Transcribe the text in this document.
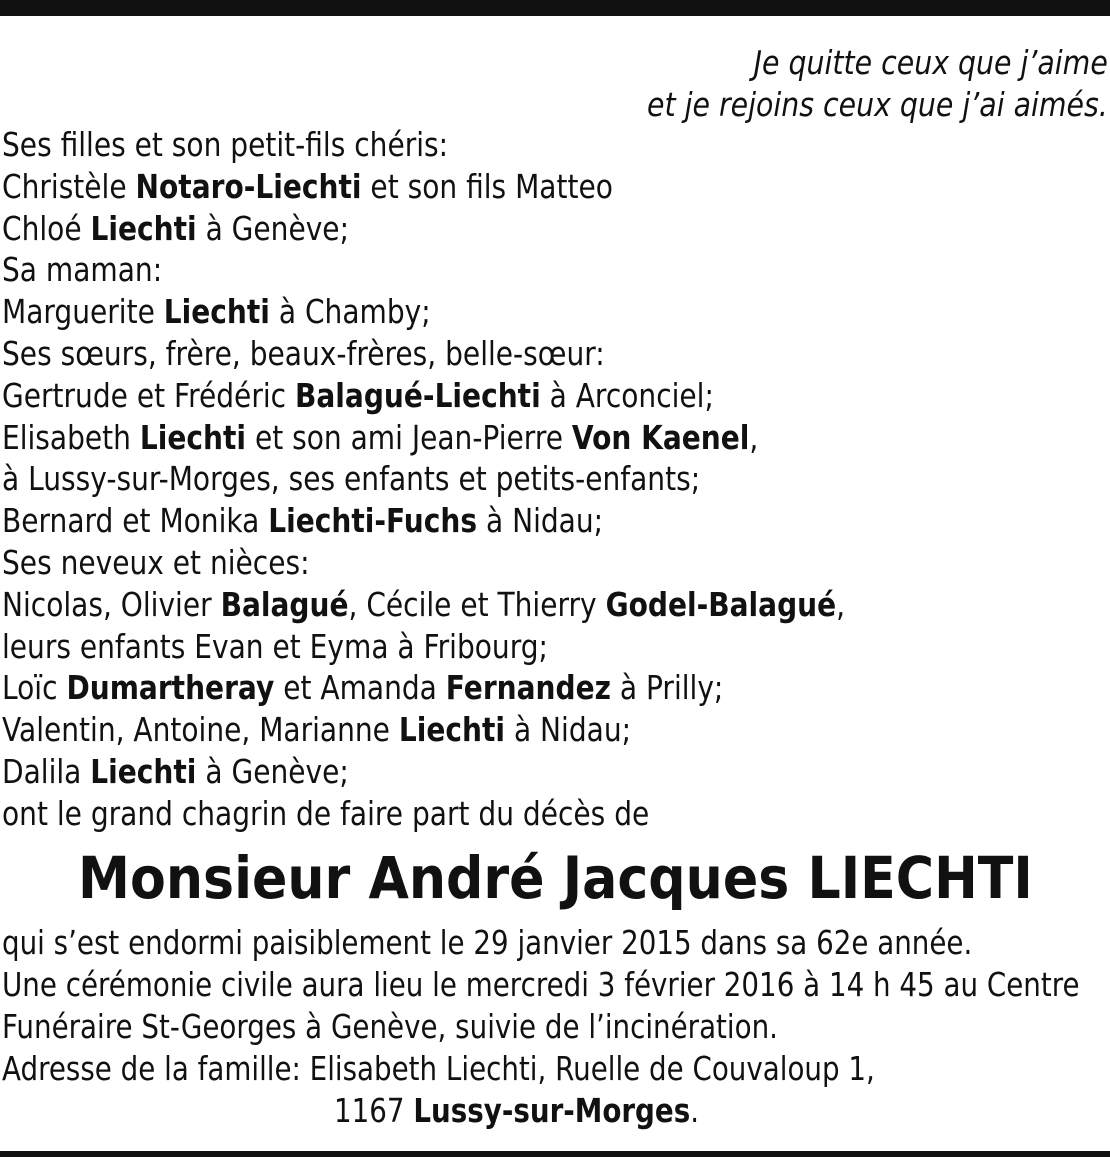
Je quitte ceux que j’aime
et je rejoins ceux que j’ai aimés.
Ses filles et son petit-fils chéris:
Christèle Notaro-Liechti et son fils Matteo
Chloé Liechti à Genève;
Sa maman:
Marguerite Liechti à Chamby;
Ses sœurs, frère, beaux-frères, belle-sœur:
Gertrude et Frédéric Balagué-Liechti à Arconciel;
Elisabeth Liechti et son ami Jean-Pierre Von Kaenel,
à Lussy-sur-Morges, ses enfants et petits-enfants;
Bernard et Monika Liechti-Fuchs à Nidau;
Ses neveux et nièces:
Nicolas, Olivier Balagué, Cécile et Thierry Godel-Balagué,
leurs enfants Evan et Eyma à Fribourg;
Loïc Dumartheray et Amanda Fernandez à Prilly;
Valentin, Antoine, Marianne Liechti à Nidau;
Dalila Liechti à Genève;
ont le grand chagrin de faire part du décès de
Monsieur André Jacques LIECHTI
qui s’est endormi paisiblement le 29 janvier 2015 dans sa 62e année.
Une cérémonie civile aura lieu le mercredi 3 février 2016 à 14 h 45 au Centre
Funéraire St-Georges à Genève, suivie de l’incinération.
Adresse de la famille: Elisabeth Liechti, Ruelle de Couvaloup 1,
1167 Lussy-sur-Morges.
